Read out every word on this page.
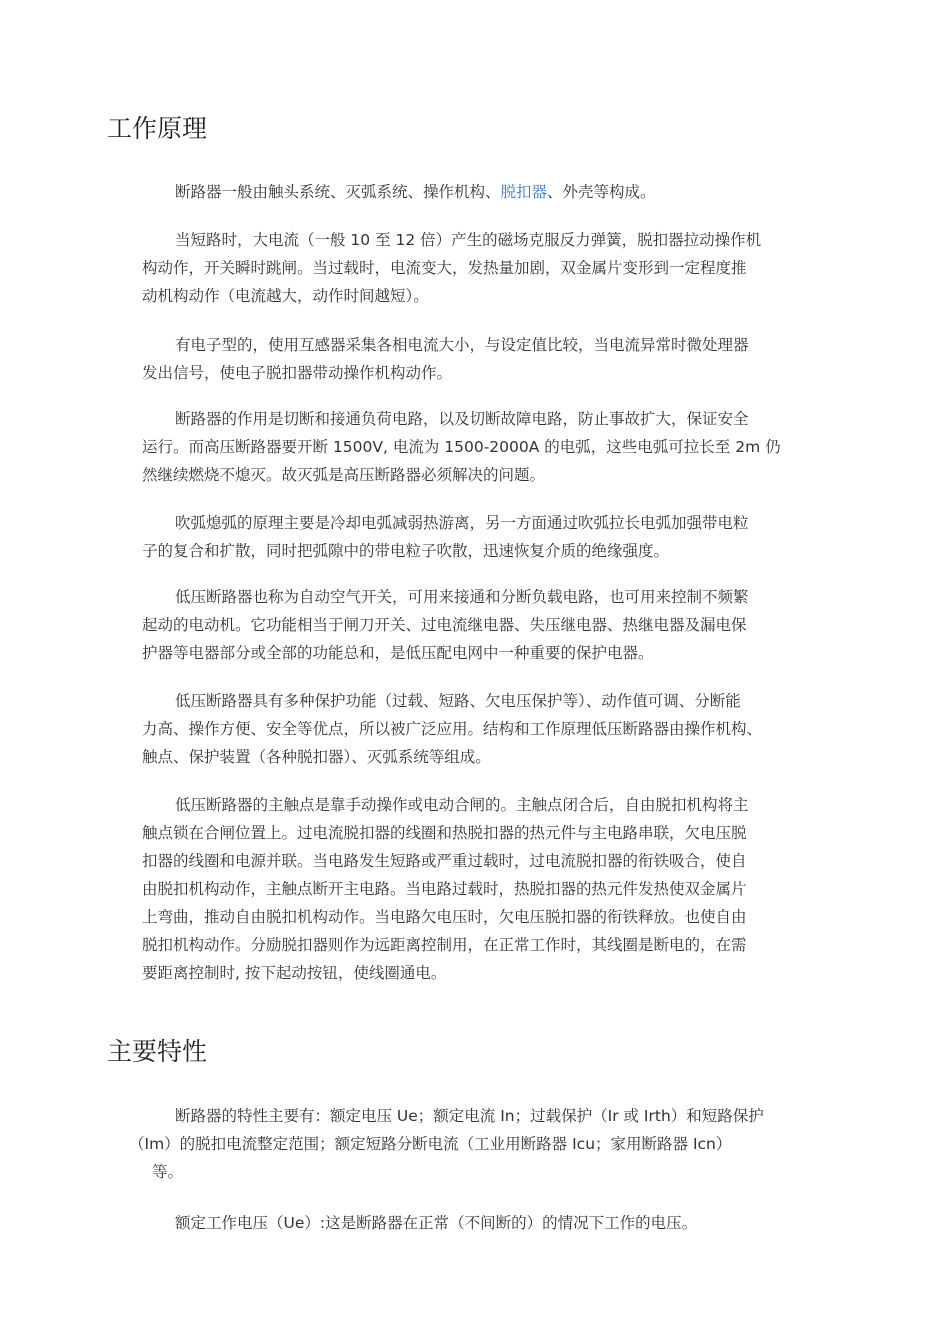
工作原理

断路器一般由触头系统、灭弧系统、操作机构、脱扣器、外壳等构成。

当短路时，大电流（一般 10 至 12 倍）产生的磁场克服反力弹簧，脱扣器拉动操作机
构动作，开关瞬时跳闸。当过载时，电流变大，发热量加剧，双金属片变形到一定程度推
动机构动作（电流越大，动作时间越短）。

有电子型的，使用互感器采集各相电流大小，与设定值比较，当电流异常时微处理器
发出信号，使电子脱扣器带动操作机构动作。

断路器的作用是切断和接通负荷电路，以及切断故障电路，防止事故扩大，保证安全
运行。而高压断路器要开断 1500V, 电流为 1500-2000A 的电弧，这些电弧可拉长至 2m 仍
然继续燃烧不熄灭。故灭弧是高压断路器必须解决的问题。

吹弧熄弧的原理主要是冷却电弧减弱热游离，另一方面通过吹弧拉长电弧加强带电粒
子的复合和扩散，同时把弧隙中的带电粒子吹散，迅速恢复介质的绝缘强度。

低压断路器也称为自动空气开关，可用来接通和分断负载电路，也可用来控制不频繁
起动的电动机。它功能相当于闸刀开关、过电流继电器、失压继电器、热继电器及漏电保
护器等电器部分或全部的功能总和，是低压配电网中一种重要的保护电器。

低压断路器具有多种保护功能（过载、短路、欠电压保护等）、动作值可调、分断能
力高、操作方便、安全等优点，所以被广泛应用。结构和工作原理低压断路器由操作机构、
触点、保护装置（各种脱扣器）、灭弧系统等组成。

低压断路器的主触点是靠手动操作或电动合闸的。主触点闭合后，自由脱扣机构将主
触点锁在合闸位置上。过电流脱扣器的线圈和热脱扣器的热元件与主电路串联，欠电压脱
扣器的线圈和电源并联。当电路发生短路或严重过载时，过电流脱扣器的衔铁吸合，使自
由脱扣机构动作，主触点断开主电路。当电路过载时，热脱扣器的热元件发热使双金属片
上弯曲，推动自由脱扣机构动作。当电路欠电压时，欠电压脱扣器的衔铁释放。也使自由
脱扣机构动作。分励脱扣器则作为远距离控制用，在正常工作时，其线圈是断电的，在需
要距离控制时, 按下起动按钮，使线圈通电。

主要特性

断路器的特性主要有：额定电压 Ue；额定电流 In；过载保护（Ir 或 Irth）和短路保护
（Im）的脱扣电流整定范围；额定短路分断电流（工业用断路器 Icu；家用断路器 Icn）
等。

额定工作电压（Ue）:这是断路器在正常（不间断的）的情况下工作的电压。
